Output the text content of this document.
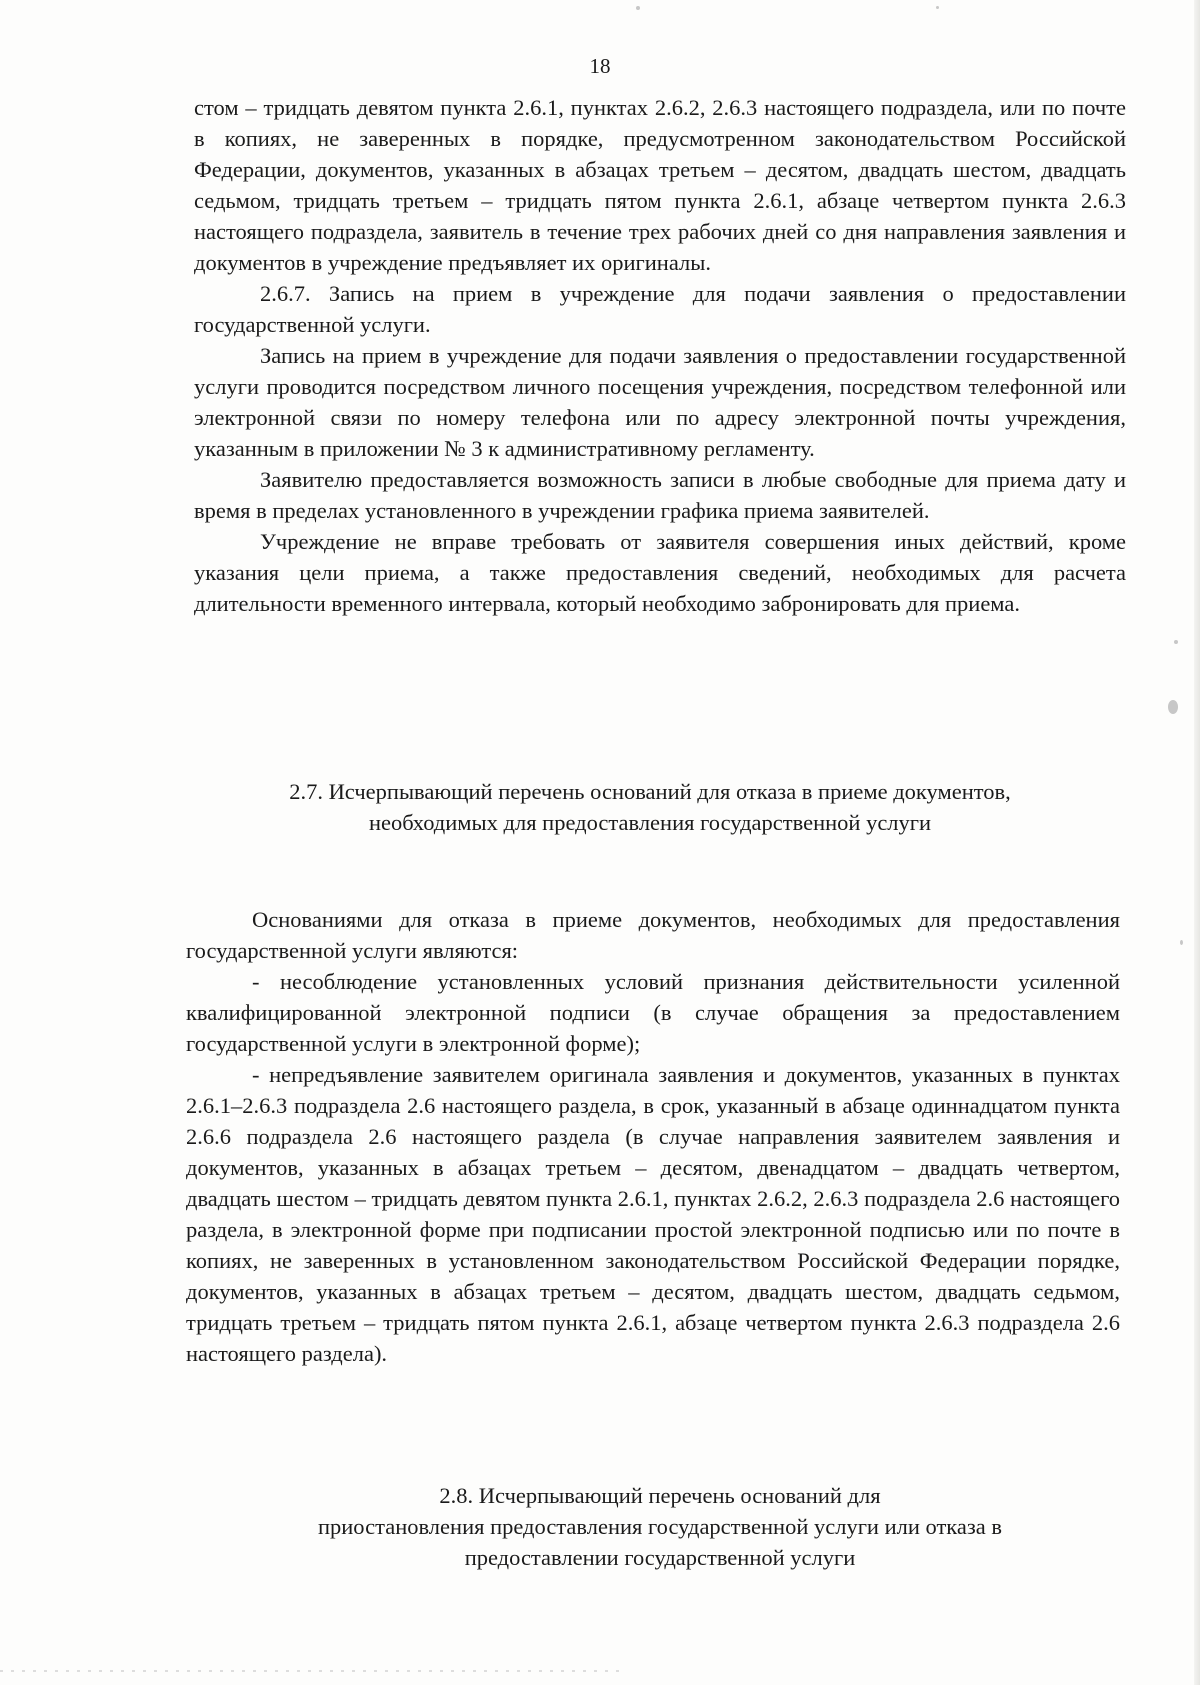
18

стом – тридцать девятом пункта 2.6.1, пунктах 2.6.2, 2.6.3 настоящего подраздела, или по почте в копиях, не заверенных в порядке, предусмотренном законодательством Российской Федерации, документов, указанных в абзацах третьем – десятом, двадцать шестом, двадцать седьмом, тридцать третьем – тридцать пятом пункта 2.6.1, абзаце четвертом пункта 2.6.3 настоящего подраздела, заявитель в течение трех рабочих дней со дня направления заявления и документов в учреждение предъявляет их оригиналы.

2.6.7. Запись на прием в учреждение для подачи заявления о предоставлении государственной услуги.

Запись на прием в учреждение для подачи заявления о предоставлении государственной услуги проводится посредством личного посещения учреждения, посредством телефонной или электронной связи по номеру телефона или по адресу электронной почты учреждения, указанным в приложении № 3 к административному регламенту.

Заявителю предоставляется возможность записи в любые свободные для приема дату и время в пределах установленного в учреждении графика приема заявителей.

Учреждение не вправе требовать от заявителя совершения иных действий, кроме указания цели приема, а также предоставления сведений, необходимых для расчета длительности временного интервала, который необходимо забронировать для приема.

2.7. Исчерпывающий перечень оснований для отказа в приеме документов,

необходимых для предоставления государственной услуги

Основаниями для отказа в приеме документов, необходимых для предоставления государственной услуги являются:

- несоблюдение установленных условий признания действительности усиленной квалифицированной электронной подписи (в случае обращения за предоставлением государственной услуги в электронной форме);

- непредъявление заявителем оригинала заявления и документов, указанных в пунктах 2.6.1–2.6.3 подраздела 2.6 настоящего раздела, в срок, указанный в абзаце одиннадцатом пункта 2.6.6 подраздела 2.6 настоящего раздела (в случае направления заявителем заявления и документов, указанных в абзацах третьем – десятом, двенадцатом – двадцать четвертом, двадцать шестом – тридцать девятом пункта 2.6.1, пунктах 2.6.2, 2.6.3 подраздела 2.6 настоящего раздела, в электронной форме при подписании простой электронной подписью или по почте в копиях, не заверенных в установленном законодательством Российской Федерации порядке, документов, указанных в абзацах третьем – десятом, двадцать шестом, двадцать седьмом, тридцать третьем – тридцать пятом пункта 2.6.1, абзаце четвертом пункта 2.6.3 подраздела 2.6 настоящего раздела).

2.8. Исчерпывающий перечень оснований для

приостановления предоставления государственной услуги или отказа в

предоставлении государственной услуги
